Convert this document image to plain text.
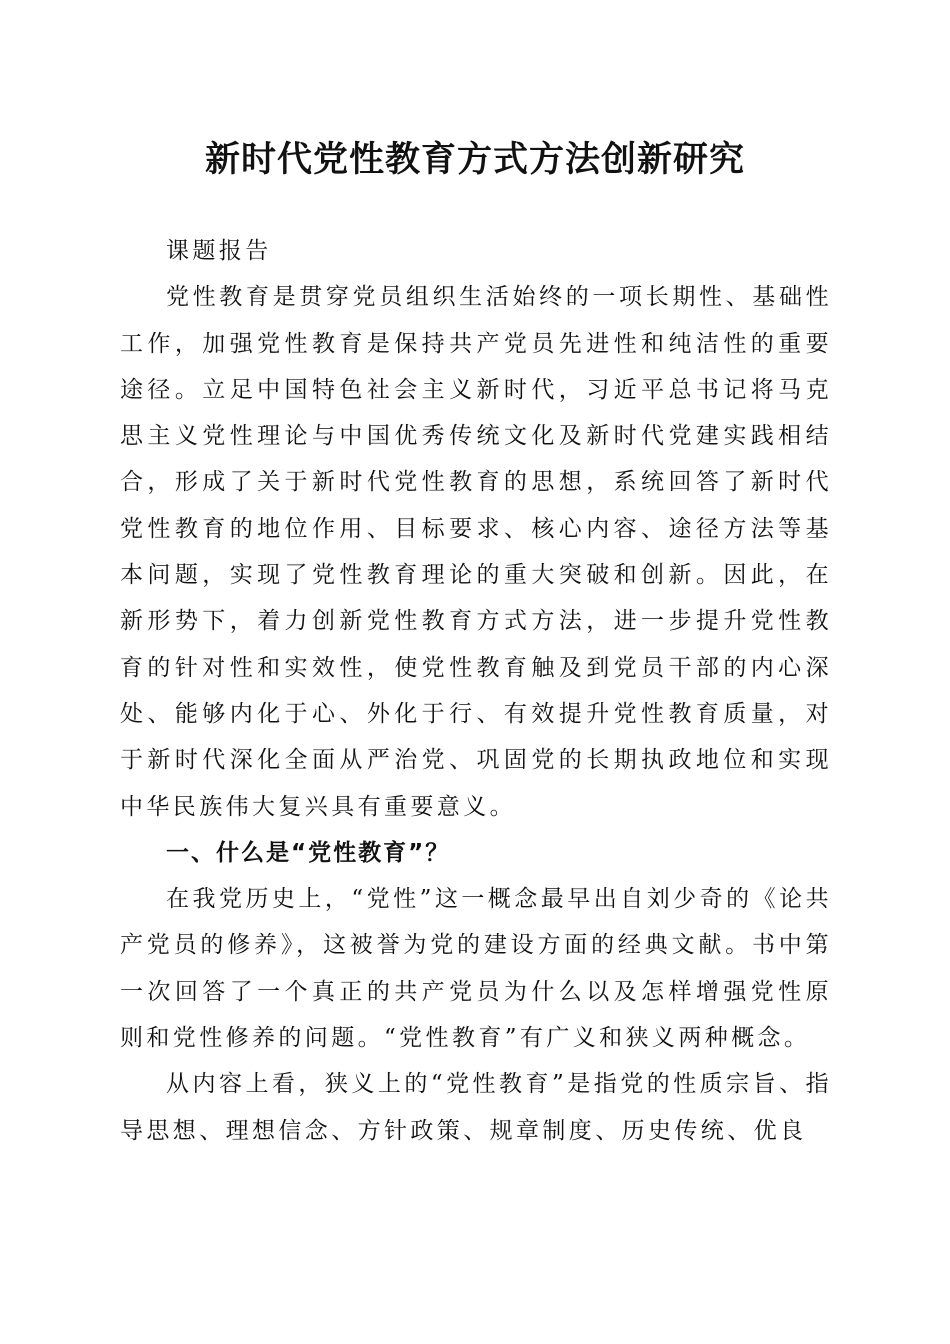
新时代党性教育方式方法创新研究

课题报告

党性教育是贯穿党员组织生活始终的一项长期性、基础性工作，加强党性教育是保持共产党员先进性和纯洁性的重要途径。立足中国特色社会主义新时代，习近平总书记将马克思主义党性理论与中国优秀传统文化及新时代党建实践相结合，形成了关于新时代党性教育的思想，系统回答了新时代党性教育的地位作用、目标要求、核心内容、途径方法等基本问题，实现了党性教育理论的重大突破和创新。因此，在新形势下，着力创新党性教育方式方法，进一步提升党性教育的针对性和实效性，使党性教育触及到党员干部的内心深处、能够内化于心、外化于行、有效提升党性教育质量，对于新时代深化全面从严治党、巩固党的长期执政地位和实现中华民族伟大复兴具有重要意义。

一、什么是“党性教育”？

在我党历史上，“党性”这一概念最早出自刘少奇的《论共产党员的修养》，这被誉为党的建设方面的经典文献。书中第一次回答了一个真正的共产党员为什么以及怎样增强党性原则和党性修养的问题。“党性教育”有广义和狭义两种概念。

从内容上看，狭义上的“党性教育”是指党的性质宗旨、指导思想、理想信念、方针政策、规章制度、历史传统、优良
